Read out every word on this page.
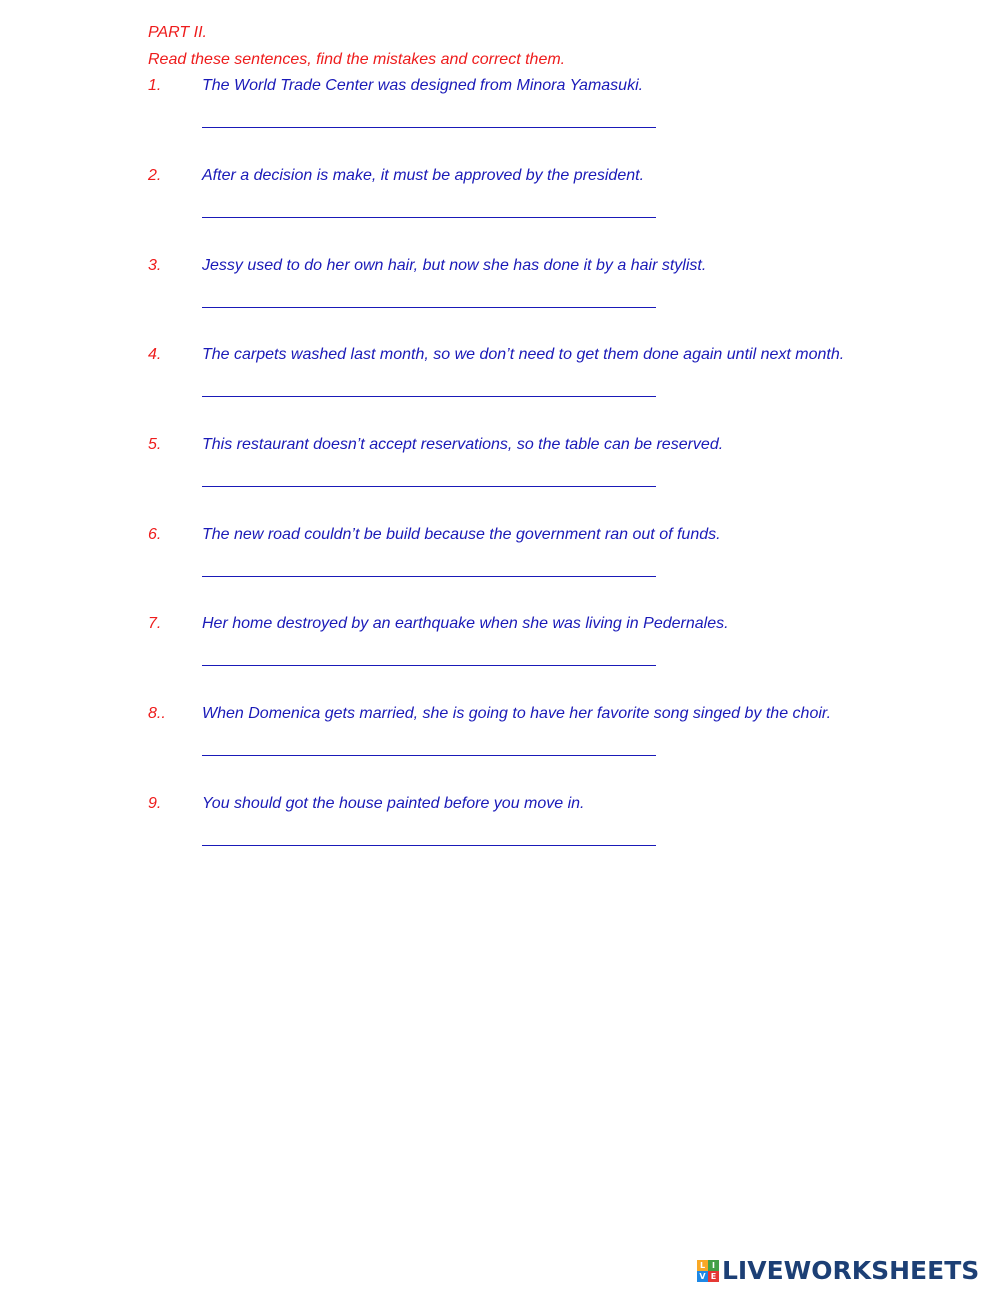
PART II.

Read these sentences, find the mistakes and correct them.

1.	The World Trade Center was designed from Minora Yamasuki.
2.	After a decision is make, it must be approved by the president.
3.	Jessy used to do her own hair, but now she has done it by a hair stylist.
4.	The carpets washed last month, so we don’t need to get them done again until next month.
5.	This restaurant doesn’t accept reservations, so the table can be reserved.
6.	The new road couldn’t be build because the government ran out of funds.
7.	Her home destroyed by an earthquake when she was living in Pedernales.
8.. When Domenica gets married, she is going to have her favorite song singed by the choir.
9.	You should got the house painted before you move in.
L I
V E LIVEWORKSHEETS
